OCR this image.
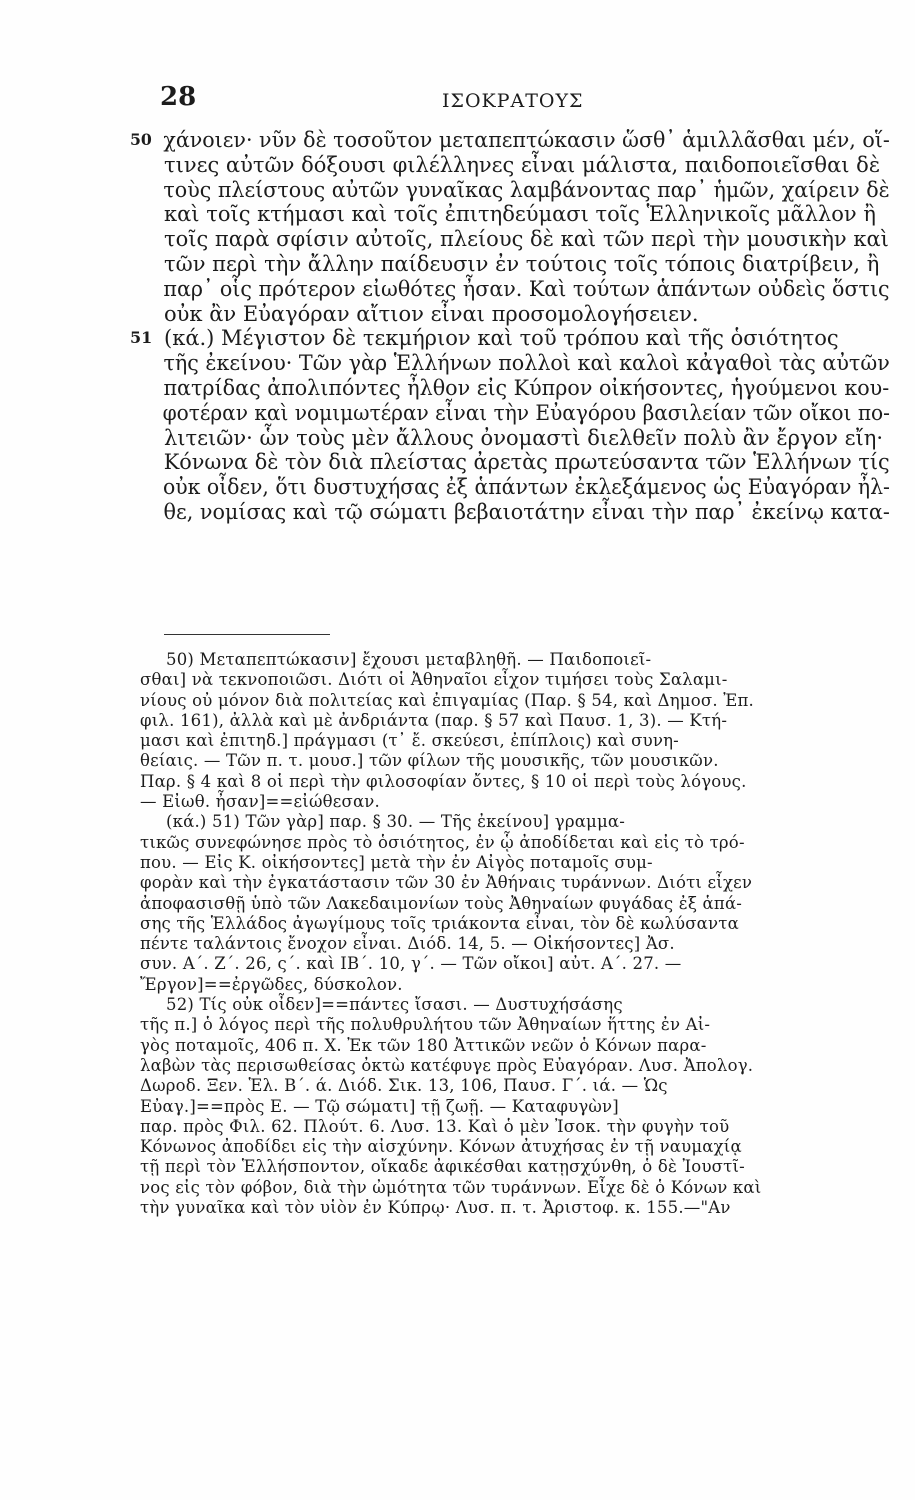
28	ΙΣΟΚΡΑΤΟΥΣ
50 χάνοιεν· νῦν δὲ τοσοῦτον μεταπεπτώκασιν ὥσθ᾽ ἁμιλλᾶσθαι μέν, οἵ-
τινες αὐτῶν δόξουσι φιλέλληνες εἶναι μάλιστα, παιδοποιεῖσθαι δὲ
τοὺς πλείστους αὐτῶν γυναῖκας λαμβάνοντας παρ᾽ ἡμῶν, χαίρειν δὲ
καὶ τοῖς κτήμασι καὶ τοῖς ἐπιτηδεύμασι τοῖς Ἑλληνικοῖς μᾶλλον ἢ
τοῖς παρὰ σφίσιν αὐτοῖς, πλείους δὲ καὶ τῶν περὶ τὴν μουσικὴν καὶ
τῶν περὶ τὴν ἄλλην παίδευσιν ἐν τούτοις τοῖς τόποις διατρίβειν, ἢ
παρ᾽ οἷς πρότερον εἰωθότες ἦσαν. Καὶ τούτων ἁπάντων οὐδεὶς ὅστις
οὐκ ἂν Εὐαγόραν αἴτιον εἶναι προσομολογήσειεν.
51 (κά.) Μέγιστον δὲ τεκμήριον καὶ τοῦ τρόπου καὶ τῆς ὁσιότητος
τῆς ἐκείνου· Τῶν γὰρ Ἑλλήνων πολλοὶ καὶ καλοὶ κἀγαθοὶ τὰς αὐτῶν
πατρίδας ἀπολιπόντες ἦλθον εἰς Κύπρον οἰκήσοντες, ἡγούμενοι κου-
φοτέραν καὶ νομιμωτέραν εἶναι τὴν Εὐαγόρου βασιλείαν τῶν οἴκοι πο-
λιτειῶν· ὧν τοὺς μὲν ἄλλους ὀνομαστὶ διελθεῖν πολὺ ἂν ἔργον εἴη·
Κόνωνα δὲ τὸν διὰ πλείστας ἀρετὰς πρωτεύσαντα τῶν Ἑλλήνων τίς
οὐκ οἶδεν, ὅτι δυστυχήσας ἐξ ἁπάντων ἐκλεξάμενος ὡς Εὐαγόραν ἦλ-
θε, νομίσας καὶ τῷ σώματι βεβαιοτάτην εἶναι τὴν παρ᾽ ἐκείνῳ κατα-
50) Μεταπεπτώκασιν] ἔχουσι μεταβληθῆ. — Παιδοποιεῖ-
σθαι] νὰ τεκνοποιῶσι. Διότι οἱ Ἀθηναῖοι εἶχον τιμήσει τοὺς Σαλαμι-
νίους οὐ μόνον διὰ πολιτείας καὶ ἐπιγαμίας (Παρ. § 54, καὶ Δημοσ. Ἐπ.
φιλ. 161), ἀλλὰ καὶ μὲ ἀνδριάντα (παρ. § 57 καὶ Παυσ. 1, 3). — Κτή-
μασι καὶ ἐπιτηδ.] πράγμασι (τ᾽ ἔ. σκεύεσι, ἐπίπλοις) καὶ συνη-
θείαις. — Τῶν π. τ. μουσ.] τῶν φίλων τῆς μουσικῆς, τῶν μουσικῶν.
Παρ. § 4 καὶ 8 οἱ περὶ τὴν φιλοσοφίαν ὄντες, § 10 οἱ περὶ τοὺς λόγους.
— Εἰωθ. ἦσαν]==εἰώθεσαν.
(κά.) 51) Τῶν γὰρ] παρ. § 30. — Τῆς ἐκείνου] γραμμα-
τικῶς συνεφώνησε πρὸς τὸ ὁσιότητος, ἐν ᾧ ἀποδίδεται καὶ εἰς τὸ τρό-
που. — Εἰς Κ. οἰκήσοντες] μετὰ τὴν ἐν Αἰγὸς ποταμοῖς συμ-
φορὰν καὶ τὴν ἐγκατάστασιν τῶν 30 ἐν Ἀθήναις τυράννων. Διότι εἶχεν
ἀποφασισθῇ ὑπὸ τῶν Λακεδαιμονίων τοὺς Ἀθηναίων φυγάδας ἐξ ἁπά-
σης τῆς Ἑλλάδος ἀγωγίμους τοῖς τριάκοντα εἶναι, τὸν δὲ κωλύσαντα
πέντε ταλάντοις ἔνοχον εἶναι. Διόδ. 14, 5. — Οἰκήσοντες] Ἀσ.
συν. Α΄. Ζ΄. 26, ς΄. καὶ ΙΒ΄. 10, γ΄. — Τῶν οἴκοι] αὐτ. Α΄. 27. —
Ἔργον]==ἐργῶδες, δύσκολον.
52) Τίς οὐκ οἶδεν]==πάντες ἴσασι. — Δυστυχήσάσης
τῆς π.] ὁ λόγος περὶ τῆς πολυθρυλήτου τῶν Ἀθηναίων ἥττης ἐν Αἰ-
γὸς ποταμοῖς, 406 π. Χ. Ἐκ τῶν 180 Ἀττικῶν νεῶν ὁ Κόνων παρα-
λαβὼν τὰς περισωθείσας ὀκτὼ κατέφυγε πρὸς Εὐαγόραν. Λυσ. Ἀπολογ.
Δωροδ. Ξεν. Ἑλ. Β΄. ά. Διόδ. Σικ. 13, 106, Παυσ. Γ΄. ιά. — Ὡς
Εὐαγ.]==πρὸς Ε. — Τῷ σώματι] τῇ ζωῇ. — Καταφυγὼν]
παρ. πρὸς Φιλ. 62. Πλούτ. 6. Λυσ. 13. Καὶ ὁ μὲν Ἰσοκ. τὴν φυγὴν τοῦ
Κόνωνος ἀποδίδει εἰς τὴν αἰσχύνην. Κόνων ἀτυχήσας ἐν τῇ ναυμαχίᾳ
τῇ περὶ τὸν Ἑλλήσποντον, οἴκαδε ἀφικέσθαι κατῃσχύνθη, ὁ δὲ Ἰουστῖ-
νος εἰς τὸν φόβον, διὰ τὴν ὠμότητα τῶν τυράννων. Εἶχε δὲ ὁ Κόνων καὶ
τὴν γυναῖκα καὶ τὸν υἱὸν ἐν Κύπρῳ· Λυσ. π. τ. Ἀριστοφ. κ. 155.—"Αν
